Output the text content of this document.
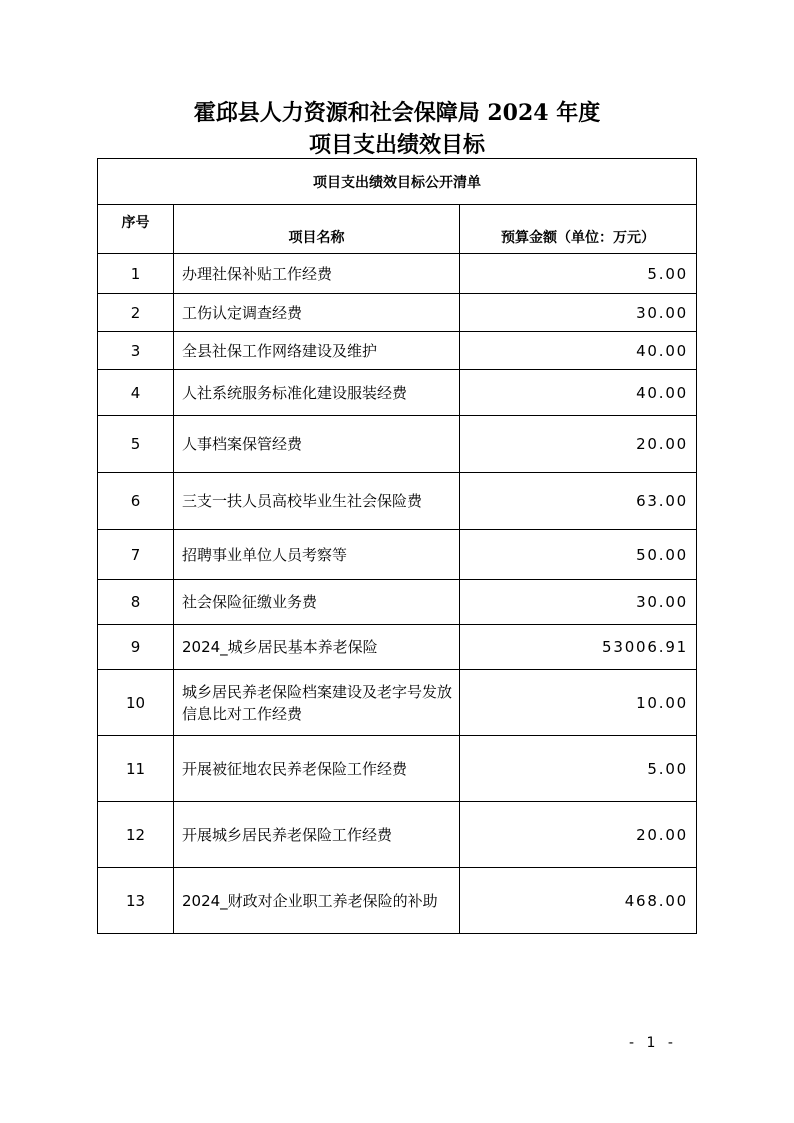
霍邱县人力资源和社会保障局 2024 年度
项目支出绩效目标
项目支出绩效目标公开清单		
序号	项目名称	预算金额（单位：万元）
1	办理社保补贴工作经费	5.00
2	工伤认定调查经费	30.00
3	全县社保工作网络建设及维护	40.00
4	人社系统服务标准化建设服装经费	40.00
5	人事档案保管经费	20.00
6	三支一扶人员高校毕业生社会保险费	63.00
7	招聘事业单位人员考察等	50.00
8	社会保险征缴业务费	30.00
9	2024_城乡居民基本养老保险	53006.91
10	城乡居民养老保险档案建设及老字号发放信息比对工作经费	10.00
11	开展被征地农民养老保险工作经费	5.00
12	开展城乡居民养老保险工作经费	20.00
13	2024_财政对企业职工养老保险的补助	468.00
- 1 -
